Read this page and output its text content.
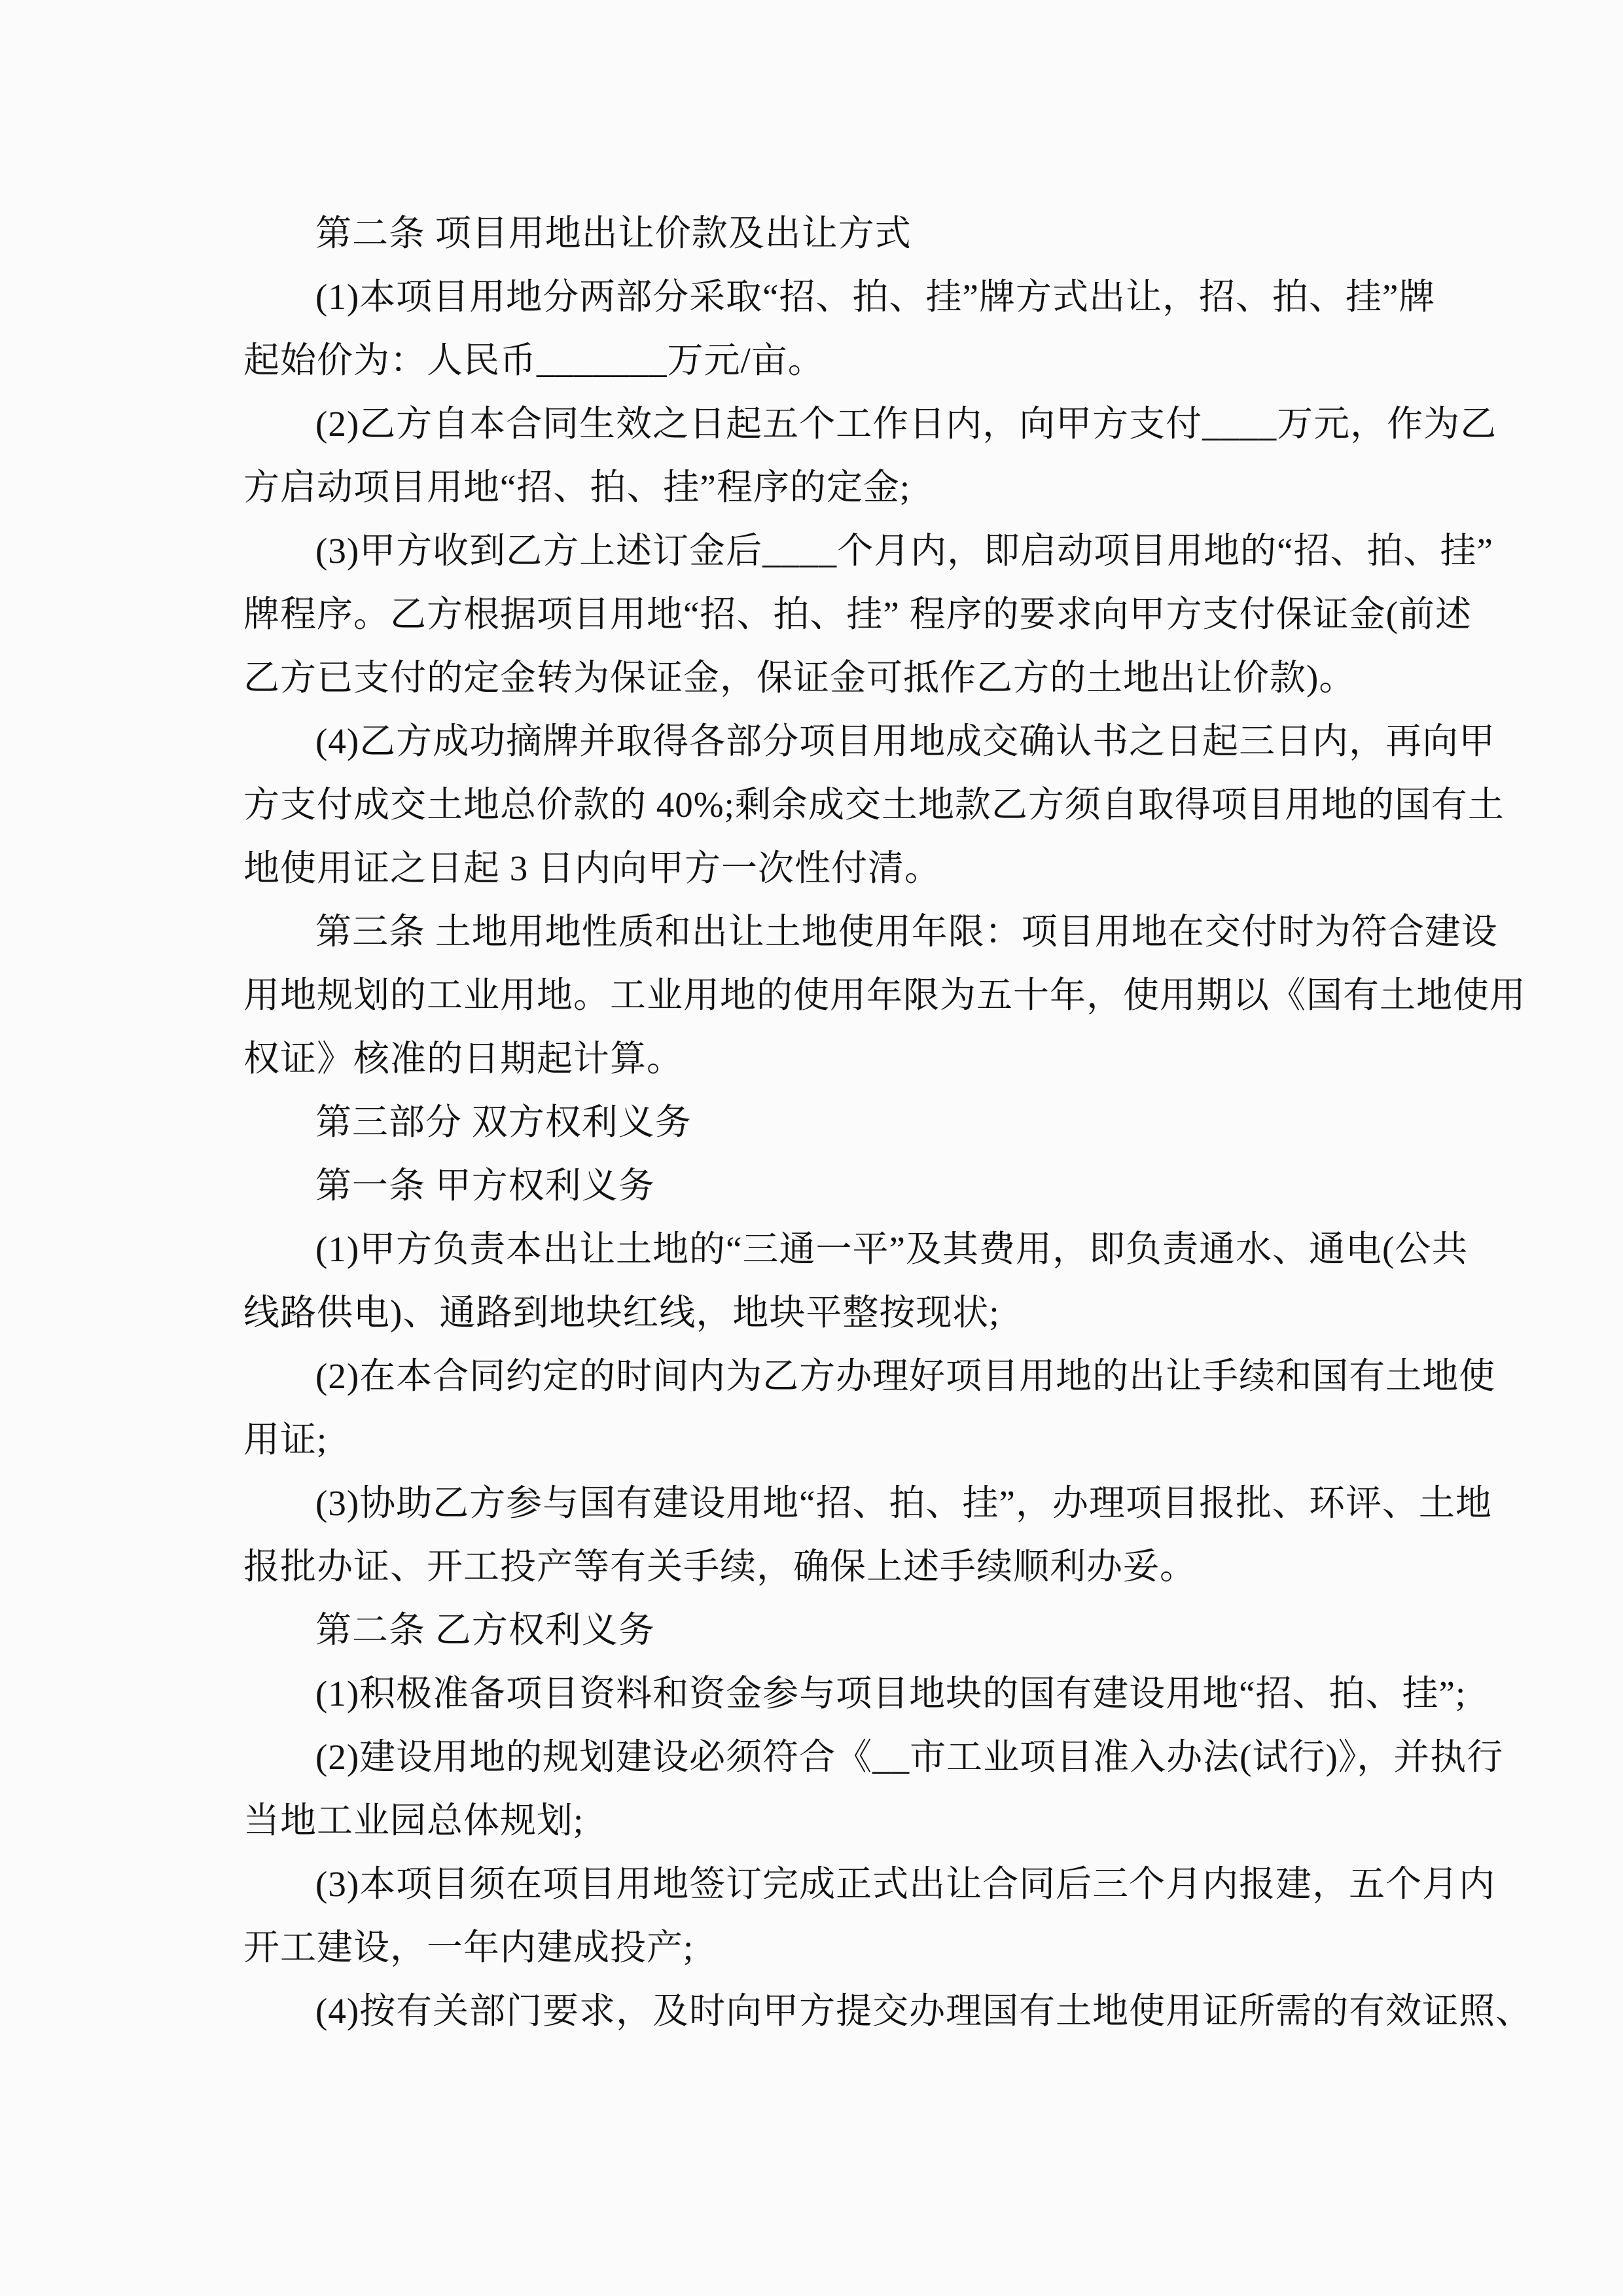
第二条 项目用地出让价款及出让方式
(1)本项目用地分两部分采取“招、拍、挂”牌方式出让，招、拍、挂”牌
起始价为：人民币_______万元/亩。
(2)乙方自本合同生效之日起五个工作日内，向甲方支付____万元，作为乙
方启动项目用地“招、拍、挂”程序的定金;
(3)甲方收到乙方上述订金后____个月内，即启动项目用地的“招、拍、挂”
牌程序。乙方根据项目用地“招、拍、挂” 程序的要求向甲方支付保证金(前述
乙方已支付的定金转为保证金，保证金可抵作乙方的土地出让价款)。
(4)乙方成功摘牌并取得各部分项目用地成交确认书之日起三日内，再向甲
方支付成交土地总价款的 40%;剩余成交土地款乙方须自取得项目用地的国有土
地使用证之日起 3 日内向甲方一次性付清。
第三条 土地用地性质和出让土地使用年限：项目用地在交付时为符合建设
用地规划的工业用地。工业用地的使用年限为五十年，使用期以《国有土地使用
权证》核准的日期起计算。
第三部分 双方权利义务
第一条 甲方权利义务
(1)甲方负责本出让土地的“三通一平”及其费用，即负责通水、通电(公共
线路供电)、通路到地块红线，地块平整按现状;
(2)在本合同约定的时间内为乙方办理好项目用地的出让手续和国有土地使
用证;
(3)协助乙方参与国有建设用地“招、拍、挂”，办理项目报批、环评、土地
报批办证、开工投产等有关手续，确保上述手续顺利办妥。
第二条 乙方权利义务
(1)积极准备项目资料和资金参与项目地块的国有建设用地“招、拍、挂”;
(2)建设用地的规划建设必须符合《__市工业项目准入办法(试行)》，并执行
当地工业园总体规划;
(3)本项目须在项目用地签订完成正式出让合同后三个月内报建，五个月内
开工建设，一年内建成投产;
(4)按有关部门要求，及时向甲方提交办理国有土地使用证所需的有效证照、
